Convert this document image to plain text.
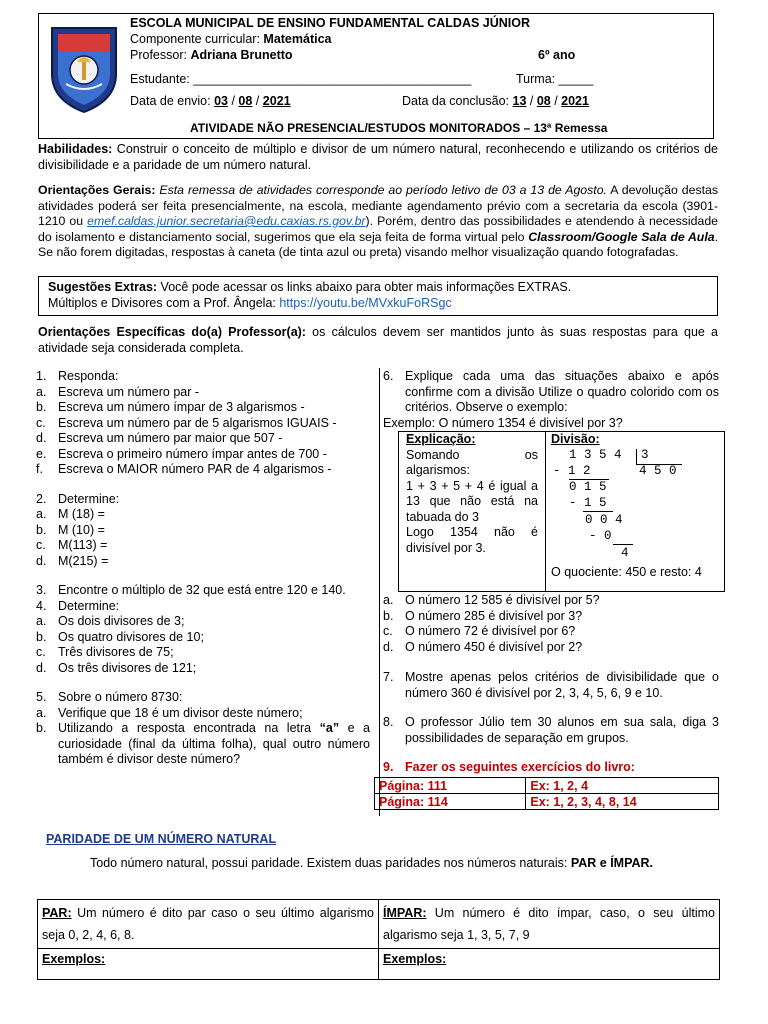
ESCOLA MUNICIPAL DE ENSINO FUNDAMENTAL CALDAS JÚNIOR
Componente curricular: Matemática
Professor: Adriana Brunetto	6º ano
Estudante: ________________________________________	Turma: _____
Data de envio: 03 / 08 / 2021	Data da conclusão: 13 / 08 / 2021
ATIVIDADE NÃO PRESENCIAL/ESTUDOS MONITORADOS – 13ª Remessa
Habilidades: Construir o conceito de múltiplo e divisor de um número natural, reconhecendo e utilizando os critérios de divisibilidade e a paridade de um número natural.
Orientações Gerais: Esta remessa de atividades corresponde ao período letivo de 03 a 13 de Agosto. A devolução destas atividades poderá ser feita presencialmente, na escola, mediante agendamento prévio com a secretaria da escola (3901-1210 ou emef.caldas.junior.secretaria@edu.caxias.rs.gov.br). Porém, dentro das possibilidades e atendendo à necessidade do isolamento e distanciamento social, sugerimos que ela seja feita de forma virtual pelo Classroom/Google Sala de Aula. Se não forem digitadas, respostas à caneta (de tinta azul ou preta) visando melhor visualização quando fotografadas.
Sugestões Extras: Você pode acessar os links abaixo para obter mais informações EXTRAS.
Múltiplos e Divisores com a Prof. Ângela: https://youtu.be/MVxkuFoRSgc
Orientações Específicas do(a) Professor(a): os cálculos devem ser mantidos junto às suas respostas para que a atividade seja considerada completa.
1. Responda:
a. Escreva um número par -
b. Escreva um número ímpar de 3 algarismos -
c. Escreva um número par de 5 algarismos IGUAIS -
d. Escreva um número par maior que 507 -
e. Escreva o primeiro número ímpar antes de 700 -
f. Escreva o MAIOR número PAR de 4 algarismos -
2. Determine:
a. M (18) =
b. M (10) =
c. M(113) =
d. M(215) =
3. Encontre o múltiplo de 32 que está entre 120 e 140.
4. Determine:
a. Os dois divisores de 3;
b. Os quatro divisores de 10;
c. Três divisores de 75;
d. Os três divisores de 121;
5. Sobre o número 8730:
a. Verifique que 18 é um divisor deste número;
b. Utilizando a resposta encontrada na letra “a” e a curiosidade (final da última folha), qual outro número também é divisor deste número?
6. Explique cada uma das situações abaixo e após confirme com a divisão Utilize o quadro colorido com os critérios. Observe o exemplo:
Exemplo: O número 1354 é divisível por 3?
Explicação:
Somando os algarismos:
1 + 3 + 5 + 4 é igual a 13 que não está na tabuada do 3
Logo 1354 não é divisível por 3.
Divisão:
1 3 5 4 3
- 1 2	4 5 0
0 1 5
- 1 5
0 0 4
- 0
4
O quociente: 450 e resto: 4
a. O número 12 585 é divisível por 5?
b. O número 285 é divisível por 3?
c. O número 72 é divisível por 6?
d. O número 450 é divisível por 2?
7. Mostre apenas pelos critérios de divisibilidade que o número 360 é divisível por 2, 3, 4, 5, 6, 9 e 10.
8. O professor Júlio tem 30 alunos em sua sala, diga 3 possibilidades de separação em grupos.
9. Fazer os seguintes exercícios do livro:
Página: 111	Ex: 1, 2, 4
Página: 114	Ex: 1, 2, 3, 4, 8, 14
PARIDADE DE UM NÚMERO NATURAL
Todo número natural, possui paridade. Existem duas paridades nos números naturais: PAR e ÍMPAR.
PAR: Um número é dito par caso o seu último algarismo seja 0, 2, 4, 6, 8.	ÍMPAR: Um número é dito ímpar, caso, o seu último algarismo seja 1, 3, 5, 7, 9
Exemplos:	Exemplos:
